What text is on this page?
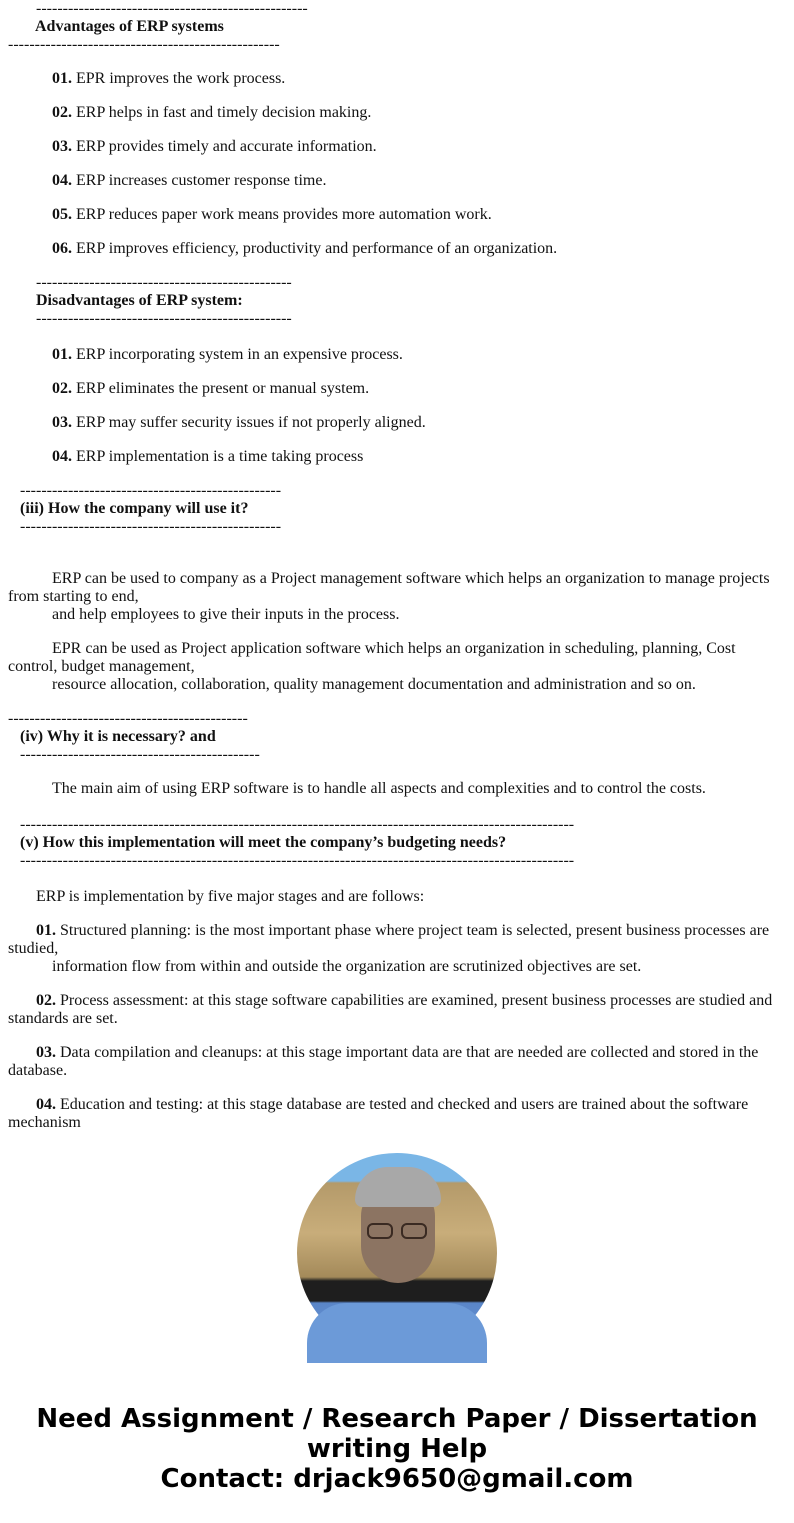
---------------------------------------------------
Advantages of ERP systems
---------------------------------------------------
01. EPR improves the work process.
02. ERP helps in fast and timely decision making.
03. ERP provides timely and accurate information.
04. ERP increases customer response time.
05. ERP reduces paper work means provides more automation work.
06. ERP improves efficiency, productivity and performance of an organization.
------------------------------------------------
Disadvantages of ERP system:
------------------------------------------------
01. ERP incorporating system in an expensive process.
02. ERP eliminates the present or manual system.
03. ERP may suffer security issues if not properly aligned.
04. ERP implementation is a time taking process
-------------------------------------------------
(iii) How the company will use it?
-------------------------------------------------
ERP can be used to company as a Project management software which helps an organization to manage projects
from starting to end,
and help employees to give their inputs in the process.
EPR can be used as Project application software which helps an organization in scheduling, planning, Cost
control, budget management,
resource allocation, collaboration, quality management documentation and administration and so on.
---------------------------------------------
(iv) Why it is necessary? and
---------------------------------------------
The main aim of using ERP software is to handle all aspects and complexities and to control the costs.
--------------------------------------------------------------------------------------------------------
(v) How this implementation will meet the company’s budgeting needs?
--------------------------------------------------------------------------------------------------------
ERP is implementation by five major stages and are follows:
01. Structured planning: is the most important phase where project team is selected, present business processes are
studied,
information flow from within and outside the organization are scrutinized objectives are set.
02. Process assessment: at this stage software capabilities are examined, present business processes are studied and
standards are set.
03. Data compilation and cleanups: at this stage important data are that are needed are collected and stored in the
database.
04. Education and testing: at this stage database are tested and checked and users are trained about the software
mechanism
Need Assignment / Research Paper / Dissertation
writing Help
Contact: drjack9650@gmail.com
